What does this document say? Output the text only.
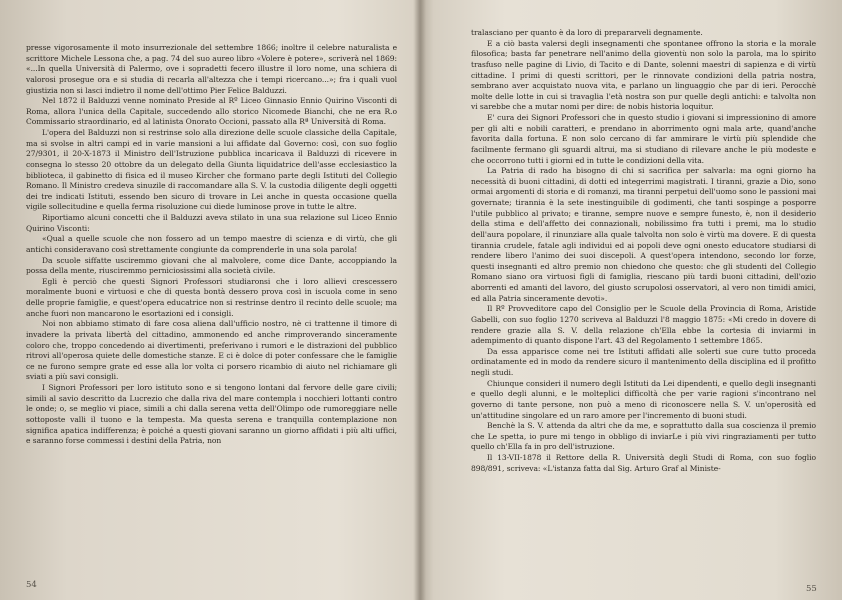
presse vigorosamente il moto insurrezionale del settembre 1866; inoltre il celebre naturalista e scrittore Michele Lessona che, a pag. 74 del suo aureo libro «Volere è potere», scriverà nel 1869: «...In quella Università di Palermo, ove i sopradetti fecero illustre il loro nome, una schiera di valorosi prosegue ora e si studia di recarla all'altezza che i tempi ricercano...»; fra i quali vuol giustizia non si lasci indietro il nome dell'ottimo Pier Felice Balduzzi.

Nel 1872 il Balduzzi venne nominato Preside al Rº Liceo Ginnasio Ennio Quirino Visconti di Roma, allora l'unica della Capitale, succedendo allo storico Nicomede Bianchi, che ne era R.o Commissario straordinario, ed al latinista Onorato Occioni, passato alla Rª Università di Roma.

L'opera del Balduzzi non si restrinse solo alla direzione delle scuole classiche della Capitale, ma si svolse in altri campi ed in varie mansioni a lui affidate dal Governo: così, con suo foglio 27/9301, il 20-X-1873 il Ministro dell'Istruzione pubblica incaricava il Balduzzi di ricevere in consegna lo stesso 20 ottobre da un delegato della Giunta liquidatrice dell'asse ecclesiastico la biblioteca, il gabinetto di fisica ed il museo Kircher che formano parte degli Istituti del Collegio Romano. Il Ministro credeva sinuzile di raccomandare alla S. V. la custodia diligente degli oggetti dei tre indicati Istituti, essendo ben sicuro di trovare in Lei anche in questa occasione quella vigile sollecitudine e quella ferma risoluzione cui diede luminose prove in tutte le altre.

Riportiamo alcuni concetti che il Balduzzi aveva stilato in una sua relazione sul Liceo Ennio Quirino Visconti:

«Qual a quelle scuole che non fossero ad un tempo maestre di scienza e di virtù, che gli antichi consideravano così strettamente congiunte da comprenderle in una sola parola!

Da scuole siffatte usciremmo giovani che al malvolere, come dice Dante, accoppiando la possa della mente, riusciremmo perniciosissimi alla società civile.

Egli è perciò che questi Signori Professori studiaronsi che i loro allievi crescessero moralmente buoni e virtuosi e che di questa bontà dessero prova così in iscuola come in seno delle proprie famiglie, e quest'opera educatrice non si restrinse dentro il recinto delle scuole; ma anche fuori non mancarono le esortazioni ed i consigli.

Noi non abbiamo stimato di fare cosa aliena dall'ufficio nostro, nè ci trattenne il timore di invadere la privata libertà del cittadino, ammonendo ed anche rimproverando sinceramente coloro che, troppo concedendo ai divertimenti, preferivano i rumori e le distrazioni del pubblico ritrovi all'operosa quiete delle domestiche stanze. E ci è dolce di poter confessare che le famiglie ce ne furono sempre grate ed esse alla lor volta ci porsero ricambio di aiuto nel richiamare gli sviati a più savi consigli.

I Signori Professori per loro istituto sono e si tengono lontani dal fervore delle gare civili; simili al savio descritto da Lucrezio che dalla riva del mare contempla i nocchieri lottanti contro le onde; o, se meglio vi piace, simili a chi dalla serena vetta dell'Olimpo ode rumoreggiare nelle sottoposte valli il tuono e la tempesta. Ma questa serena e tranquilla contemplazione non significa apatica indifferenza; è poiché a questi giovani saranno un giorno affidati i più alti uffici, e saranno forse commessi i destini della Patria, non

54

tralasciano per quanto è da loro di prepararveli degnamente.

E a ciò basta valersi degli insegnamenti che spontanee offrono la storia e la morale filosofica; basta far penetrare nell'animo della gioventù non solo la parola, ma lo spirito trasfuso nelle pagine di Livio, di Tacito e di Dante, solenni maestri di sapienza e di virtù cittadine. I primi di questi scrittori, per le rinnovate condizioni della patria nostra, sembrano aver acquistato nuova vita, e parlano un linguaggio che par di ieri. Perocchè molte delle lotte in cui si travaglia l'età nostra son pur quelle degli antichi: e talvolta non vi sarebbe che a mutar nomi per dire: de nobis historia loquitur.

E' cura dei Signori Professori che in questo studio i giovani si impressionino di amore per gli alti e nobili caratteri, e prendano in aborrimento ogni mala arte, quand'anche favorita dalla fortuna. E non solo cercano di far ammirare le virtù più splendide che facilmente fermano gli sguardi altrui, ma si studiano di rilevare anche le più modeste e che occorrono tutti i giorni ed in tutte le condizioni della vita.

La Patria di rado ha bisogno di chi si sacrifica per salvarla: ma ogni giorno ha necessità di buoni cittadini, di dotti ed integerrimi magistrati. I tiranni, grazie a Dio, sono ormai argomenti di storia e di romanzi, ma tiranni perpetui dell'uomo sono le passioni mai governate; tirannia è la sete inestinguibile di godimenti, che tanti sospinge a posporre l'utile pubblico al privato; e tiranne, sempre nuove e sempre funesto, è, non il desiderio della stima e dell'affetto dei connazionali, nobilissimo fra tutti i premi, ma lo studio dell'aura popolare, il rinunziare alla quale talvolta non solo è virtù ma dovere. E di questa tirannia crudele, fatale agli individui ed ai popoli deve ogni onesto educatore studiarsi di rendere libero l'animo dei suoi discepoli. A quest'opera intendono, secondo lor forze, questi insegnanti ed altro premio non chiedono che questo: che gli studenti del Collegio Romano siano ora virtuosi figli di famiglia, riescano più tardi buoni cittadini, dell'ozio aborrenti ed amanti del lavoro, del giusto scrupolosi osservatori, al vero non timidi amici, ed alla Patria sinceramente devoti».

Il Rº Provveditore capo del Consiglio per le Scuole della Provincia di Roma, Aristide Gabelli, con suo foglio 1270 scriveva al Balduzzi l'8 maggio 1875: «Mi credo in dovere di rendere grazie alla S. V. della relazione ch'Ella ebbe la cortesia di inviarmi in adempimento di quanto dispone l'art. 43 del Regolamento 1 settembre 1865.

Da essa apparisce come nei tre Istituti affidati alle solerti sue cure tutto proceda ordinatamente ed in modo da rendere sicuro il mantenimento della disciplina ed il profitto negli studi.

Chiunque consideri il numero degli Istituti da Lei dipendenti, e quello degli insegnanti e quello degli alunni, e le molteplici difficoltà che per varie ragioni s'incontrano nel governo di tante persone, non può a meno di riconoscere nella S. V. un'operosità ed un'attitudine singolare ed un raro amore per l'incremento di buoni studi.

Benchè la S. V. attenda da altri che da me, e soprattutto dalla sua coscienza il premio che Le spetta, io pure mi tengo in obbligo di inviarLe i più vivi ringraziamenti per tutto quello ch'Ella fa in pro dell'istruzione.

Il 13-VII-1878 il Rettore della R. Università degli Studi di Roma, con suo foglio 898/891, scriveva: «L'istanza fatta dal Sig. Arturo Graf al Ministe-

55
